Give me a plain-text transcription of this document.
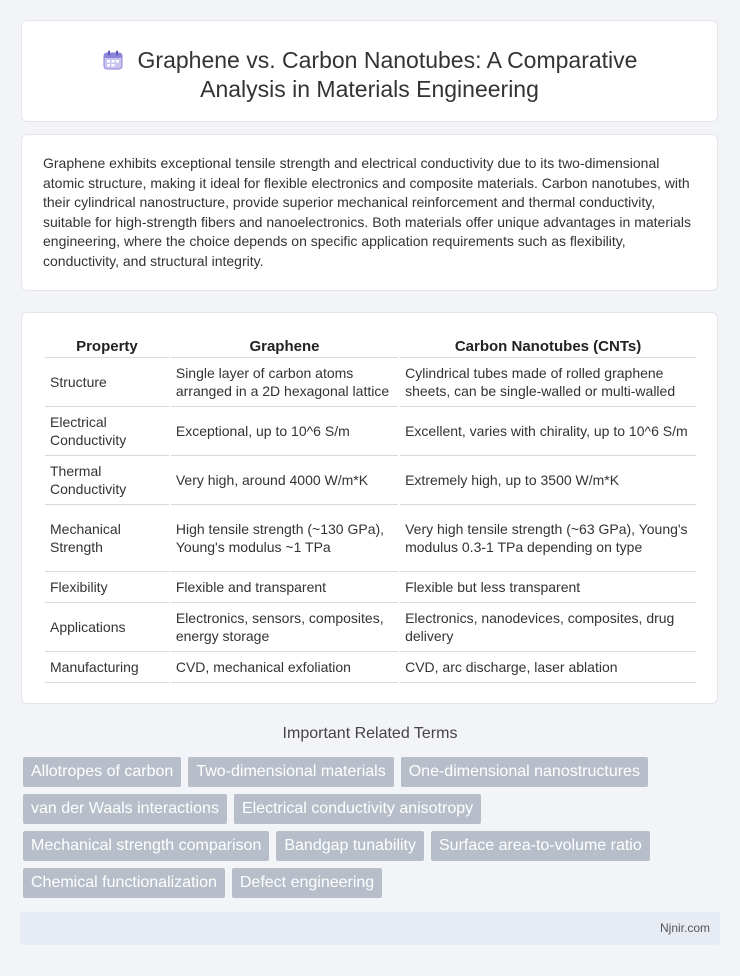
Graphene vs. Carbon Nanotubes: A Comparative
Analysis in Materials Engineering
Graphene exhibits exceptional tensile strength and electrical conductivity due to its two-dimensional atomic structure, making it ideal for flexible electronics and composite materials. Carbon nanotubes, with their cylindrical nanostructure, provide superior mechanical reinforcement and thermal conductivity, suitable for high-strength fibers and nanoelectronics. Both materials offer unique advantages in materials engineering, where the choice depends on specific application requirements such as flexibility, conductivity, and structural integrity.
Property	Graphene	Carbon Nanotubes (CNTs)
Structure	Single layer of carbon atoms arranged in a 2D hexagonal lattice	Cylindrical tubes made of rolled graphene sheets, can be single-walled or multi-walled
Electrical Conductivity	Exceptional, up to 10^6 S/m	Excellent, varies with chirality, up to 10^6 S/m
Thermal Conductivity	Very high, around 4000 W/m*K	Extremely high, up to 3500 W/m*K
Mechanical Strength	High tensile strength (~130 GPa), Young's modulus ~1 TPa	Very high tensile strength (~63 GPa), Young's modulus 0.3-1 TPa depending on type
Flexibility	Flexible and transparent	Flexible but less transparent
Applications	Electronics, sensors, composites, energy storage	Electronics, nanodevices, composites, drug delivery
Manufacturing	CVD, mechanical exfoliation	CVD, arc discharge, laser ablation
Important Related Terms
Allotropes of carbon	Two-dimensional materials	One-dimensional nanostructures
van der Waals interactions	Electrical conductivity anisotropy
Mechanical strength comparison	Bandgap tunability	Surface area-to-volume ratio
Chemical functionalization	Defect engineering
Njnir.com
